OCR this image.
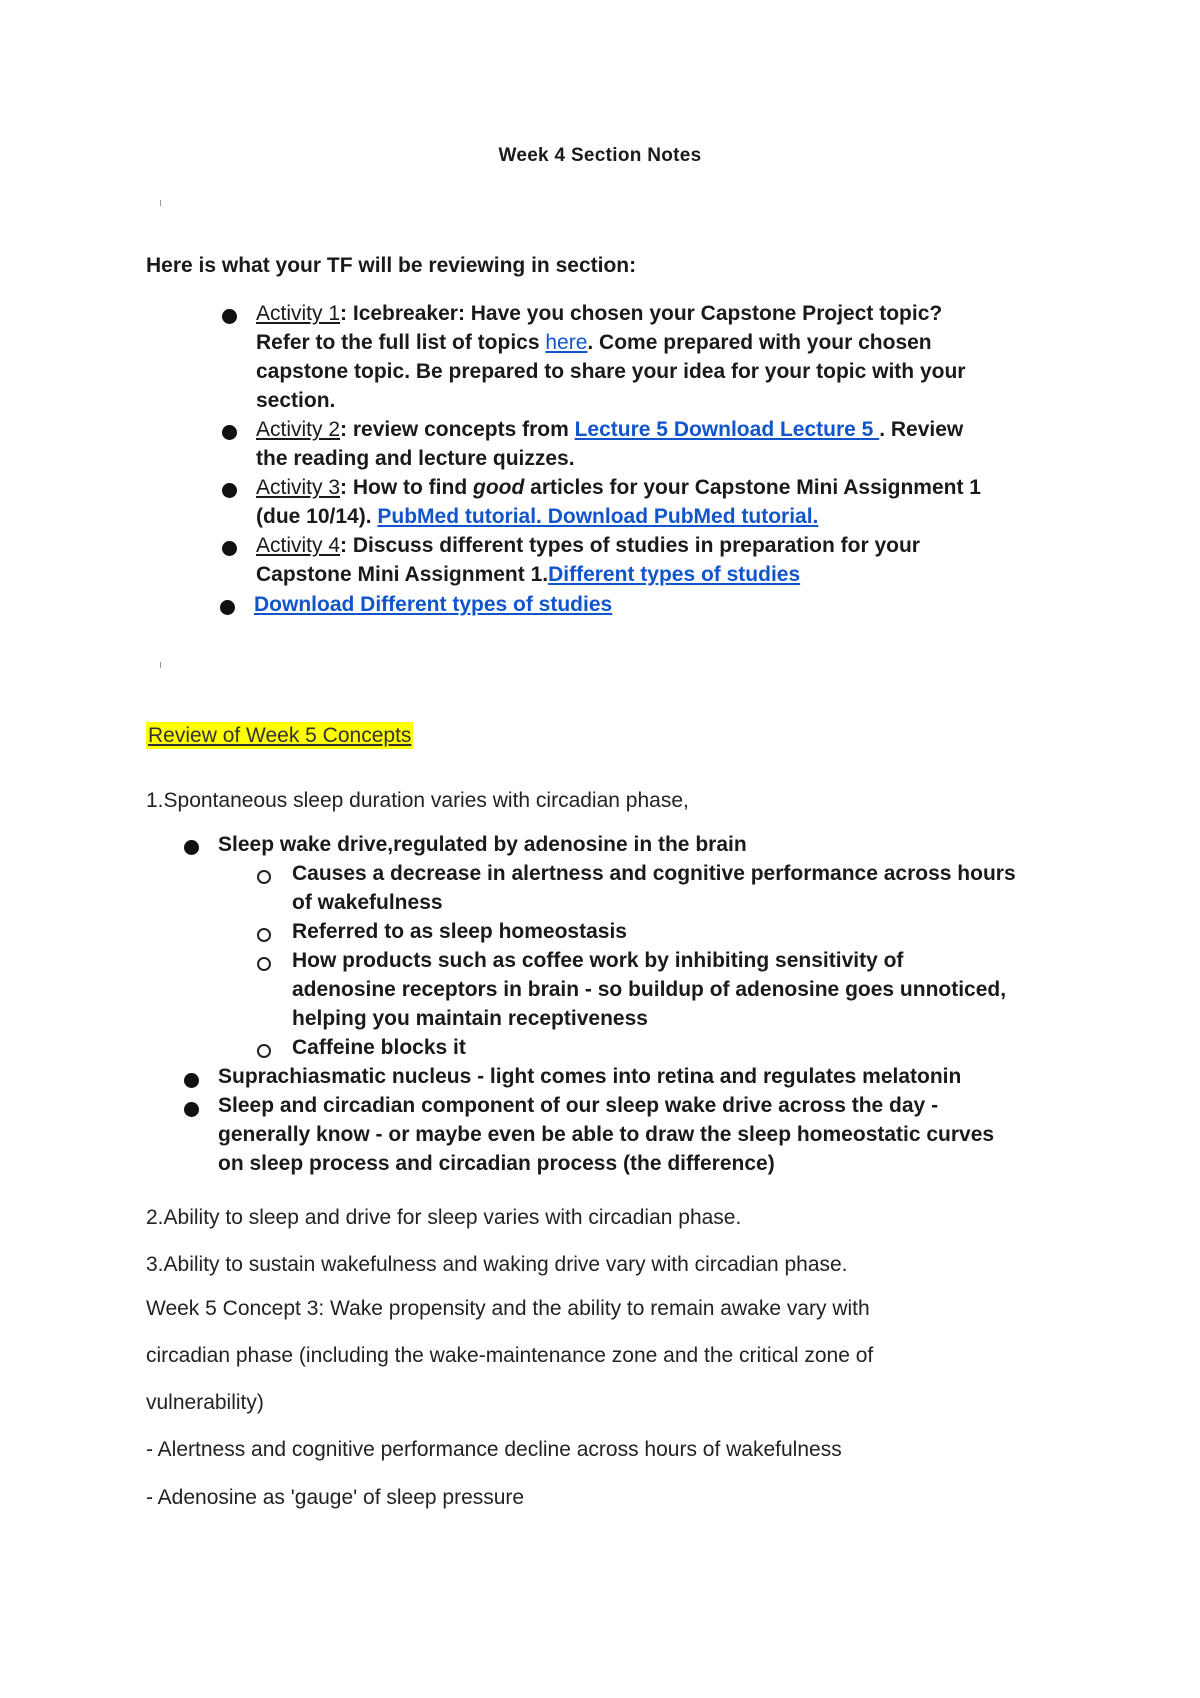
Week 4 Section Notes
Here is what your TF will be reviewing in section:
Activity 1: Icebreaker: Have you chosen your Capstone Project topic?
Refer to the full list of topics here. Come prepared with your chosen
capstone topic. Be prepared to share your idea for your topic with your
section.
Activity 2: review concepts from Lecture 5 Download Lecture 5 . Review
the reading and lecture quizzes.
Activity 3: How to find good articles for your Capstone Mini Assignment 1
(due 10/14). PubMed tutorial. Download PubMed tutorial.
Activity 4: Discuss different types of studies in preparation for your
Capstone Mini Assignment 1.Different types of studies
Download Different types of studies
Review of Week 5 Concepts
1.Spontaneous sleep duration varies with circadian phase,
Sleep wake drive,regulated by adenosine in the brain
Causes a decrease in alertness and cognitive performance across hours
of wakefulness
Referred to as sleep homeostasis
How products such as coffee work by inhibiting sensitivity of
adenosine receptors in brain - so buildup of adenosine goes unnoticed,
helping you maintain receptiveness
Caffeine blocks it
Suprachiasmatic nucleus - light comes into retina and regulates melatonin
Sleep and circadian component of our sleep wake drive across the day -
generally know - or maybe even be able to draw the sleep homeostatic curves
on sleep process and circadian process (the difference)
2.Ability to sleep and drive for sleep varies with circadian phase.
3.Ability to sustain wakefulness and waking drive vary with circadian phase.
Week 5 Concept 3: Wake propensity and the ability to remain awake vary with
circadian phase (including the wake-maintenance zone and the critical zone of
vulnerability)
- Alertness and cognitive performance decline across hours of wakefulness
- Adenosine as 'gauge' of sleep pressure
